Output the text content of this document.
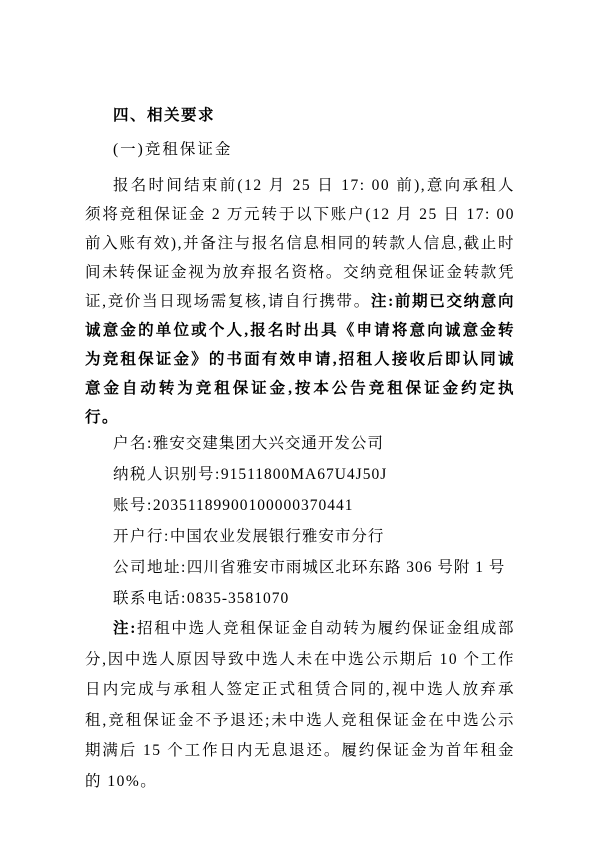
四、相关要求

(一)竞租保证金

报名时间结束前(12 月 25 日 17: 00 前),意向承租人须将竞租保证金 2 万元转于以下账户(12 月 25 日 17: 00 前入账有效),并备注与报名信息相同的转款人信息,截止时间未转保证金视为放弃报名资格。交纳竞租保证金转款凭证,竞价当日现场需复核,请自行携带。注:前期已交纳意向诚意金的单位或个人,报名时出具《申请将意向诚意金转为竞租保证金》的书面有效申请,招租人接收后即认同诚意金自动转为竞租保证金,按本公告竞租保证金约定执行。

户名:雅安交建集团大兴交通开发公司

纳税人识别号:91511800MA67U4J50J

账号:20351189900100000370441

开户行:中国农业发展银行雅安市分行

公司地址:四川省雅安市雨城区北环东路 306 号附 1 号

联系电话:0835-3581070

注:招租中选人竞租保证金自动转为履约保证金组成部分,因中选人原因导致中选人未在中选公示期后 10 个工作日内完成与承租人签定正式租赁合同的,视中选人放弃承租,竞租保证金不予退还;未中选人竞租保证金在中选公示期满后 15 个工作日内无息退还。履约保证金为首年租金的 10%。
